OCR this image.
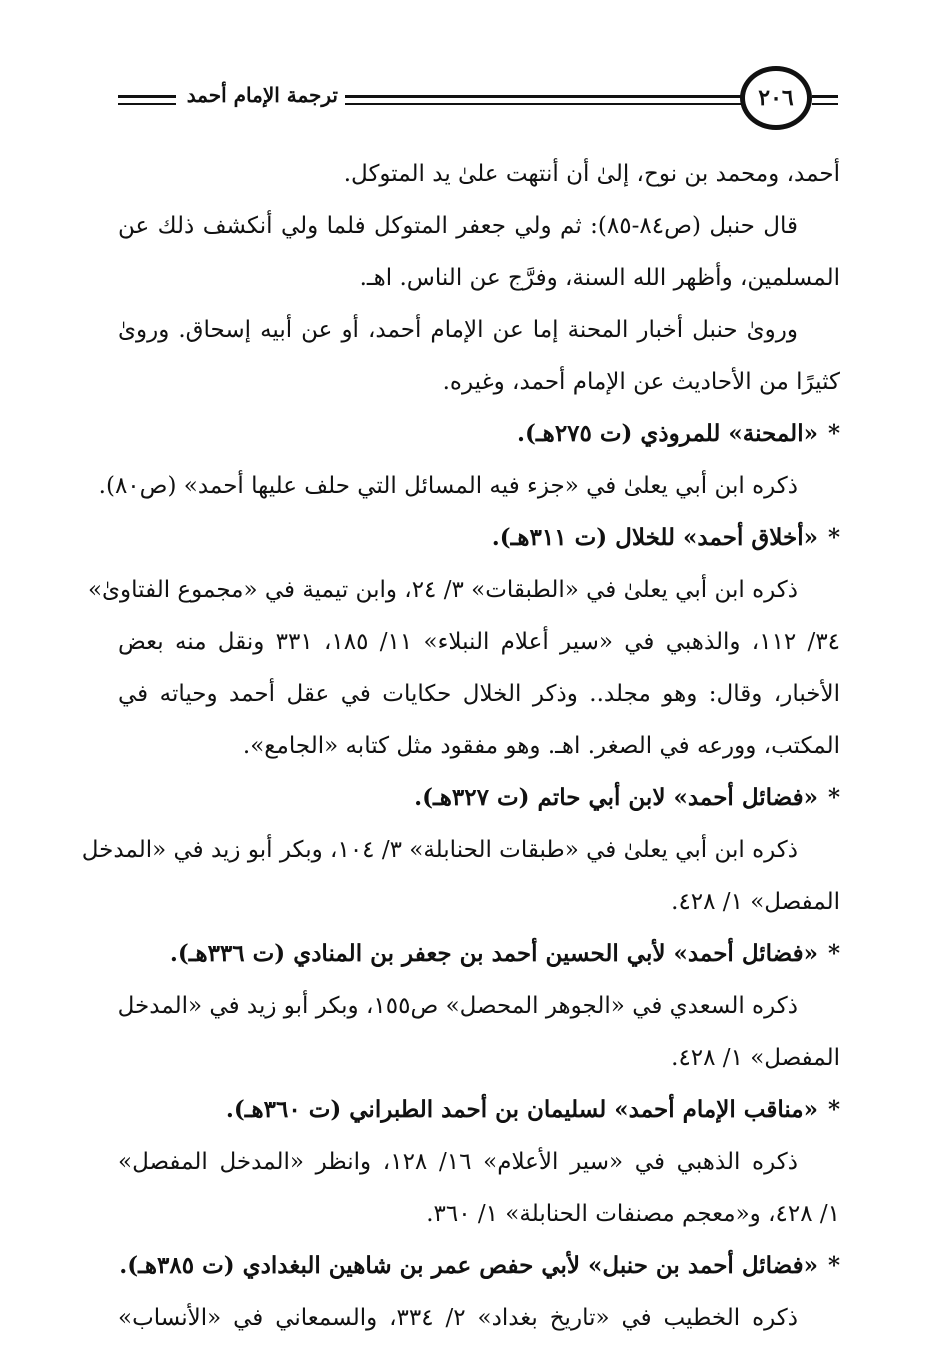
ترجمة الإمام أحمد	٢٠٦
أحمد، ومحمد بن نوح، إلىٰ أن أنتهت علىٰ يد المتوكل.
قال حنبل (ص٨٤-٨٥): ثم ولي جعفر المتوكل فلما ولي أنكشف ذلك عن
المسلمين، وأظهر الله السنة، وفرَّج عن الناس. اهـ.
وروىٰ حنبل أخبار المحنة إما عن الإمام أحمد، أو عن أبيه إسحاق. وروىٰ
كثيرًا من الأحاديث عن الإمام أحمد، وغيره.
*«المحنة» للمروذي (ت ٢٧٥هـ).
ذكره ابن أبي يعلىٰ في «جزء فيه المسائل التي حلف عليها أحمد» (ص٨٠).
*«أخلاق أحمد» للخلال (ت ٣١١هـ).
ذكره ابن أبي يعلىٰ في «الطبقات» ٣/ ٢٤، وابن تيمية في «مجموع الفتاوىٰ»
٣٤/ ١١٢، والذهبي في «سير أعلام النبلاء» ١١/ ١٨٥، ٣٣١ ونقل منه بعض
الأخبار، وقال: وهو مجلد.. وذكر الخلال حكايات في عقل أحمد وحياته في
المكتب، وورعه في الصغر. اهـ. وهو مفقود مثل كتابه «الجامع».
*«فضائل أحمد» لابن أبي حاتم (ت ٣٢٧هـ).
ذكره ابن أبي يعلىٰ في «طبقات الحنابلة» ٣/ ١٠٤، وبكر أبو زيد في «المدخل
المفصل» ١/ ٤٢٨.
*«فضائل أحمد» لأبي الحسين أحمد بن جعفر بن المنادي (ت ٣٣٦هـ).
ذكره السعدي في «الجوهر المحصل» ص١٥٥، وبكر أبو زيد في «المدخل
المفصل» ١/ ٤٢٨.
*«مناقب الإمام أحمد» لسليمان بن أحمد الطبراني (ت ٣٦٠هـ).
ذكره الذهبي في «سير الأعلام» ١٦/ ١٢٨، وانظر «المدخل المفصل»
١/ ٤٢٨، و«معجم مصنفات الحنابلة» ١/ ٣٦٠.
*«فضائل أحمد بن حنبل» لأبي حفص عمر بن شاهين البغدادي (ت ٣٨٥هـ).
ذكره الخطيب في «تاريخ بغداد» ٢/ ٣٣٤، والسمعاني في «الأنساب»
